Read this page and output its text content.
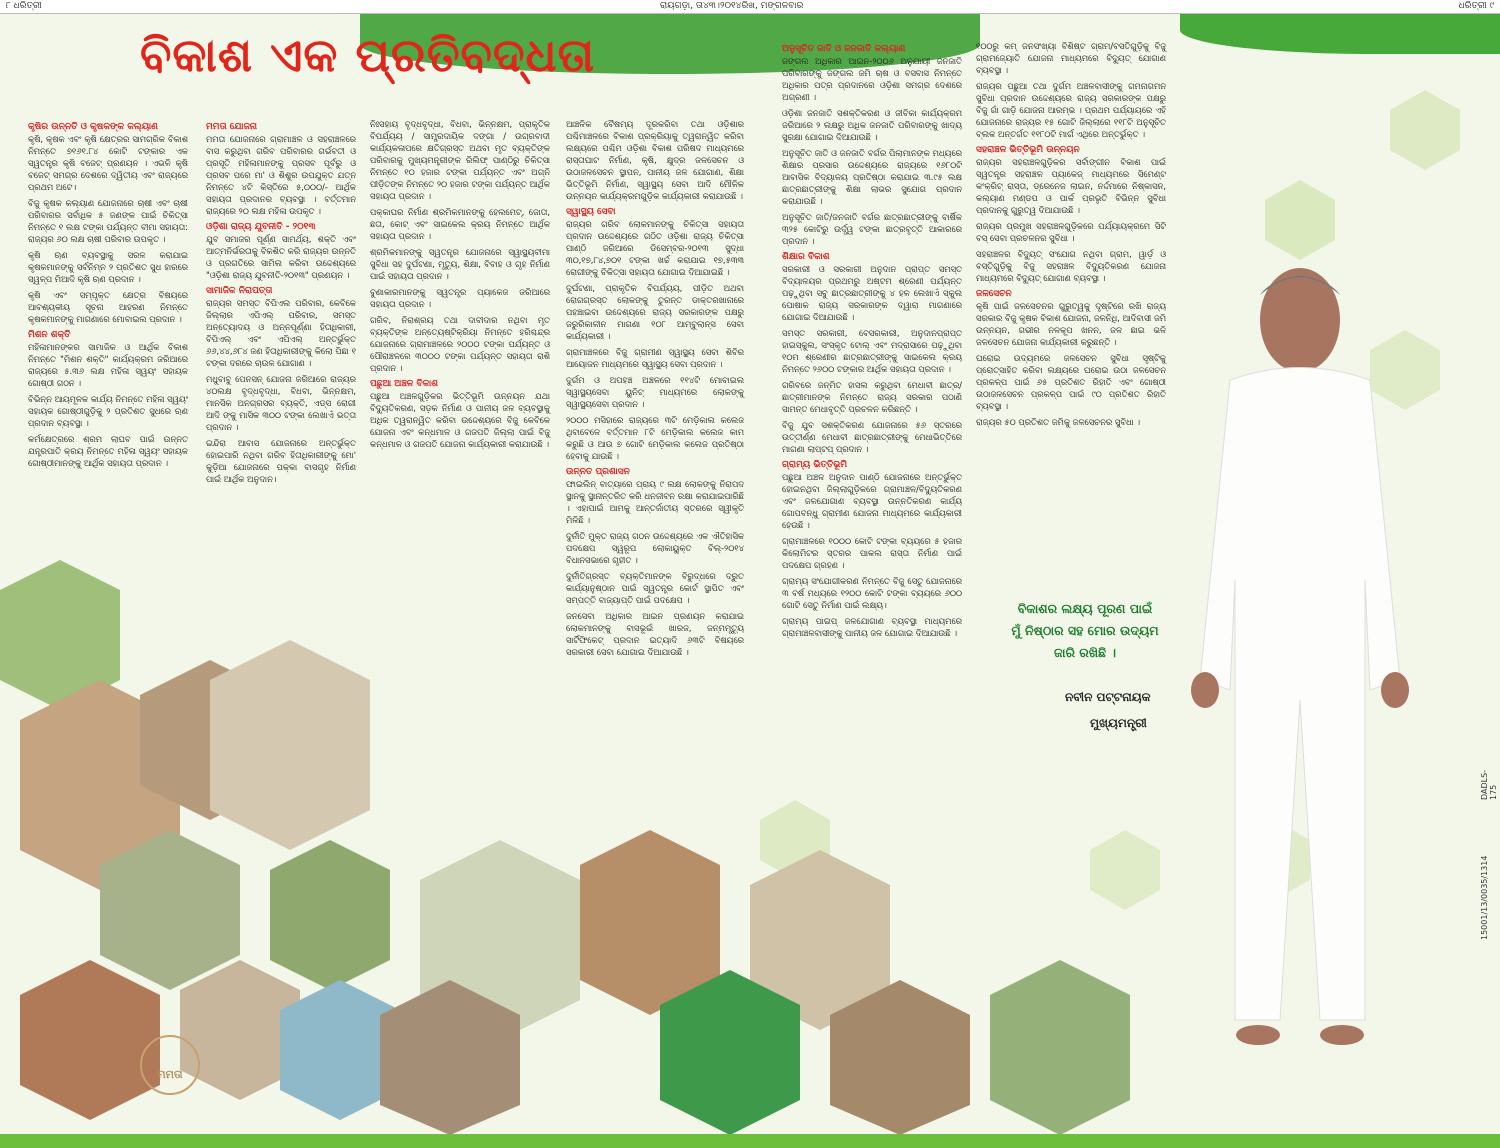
୮ ଧରିତ୍ରୀ	ରାୟଗଡ଼ା, ତା୪୩।୨୦୧୪ରିଖ, ମଙ୍ଗଳବାର	ଧରିତ୍ରୀ ୯
ବିକାଶ ଏକ ପ୍ରତିବଦ୍ଧତା
କୃଷିର ଉନ୍ନତି ଓ କୃଷକଙ୍କ କଲ୍ୟାଣ

କୃଷି, କୃଷକ ଏବଂ କୃଷି କ୍ଷେତ୍ରର ସାମଗ୍ରିକ ବିକାଶ ନିମନ୍ତେ ୭୧୬୧.୮୪ କୋଟି ଟଙ୍କାର ଏକ ସ୍ୱତନ୍ତ୍ର କୃଷି ବଜେଟ୍ ପ୍ରଣୟନ । ଏଭଳି କୃଷି ବଜେଟ୍ ସମଗ୍ର ଦେଶରେ ଦ୍ୱିତୀୟ ଏବଂ ରାଜ୍ୟରେ ପ୍ରଥମ ଅଟେ।

ବିଜୁ କୃଷକ କଲ୍ୟାଣ ଯୋଜନାରେ ଚାଷୀ ଏବଂ ଚାଷୀ ପରିବାରର ସର୍ବାଧିକ ୫ ଜଣଙ୍କ ପାଇଁ ଚିକିତ୍ସା ନିମନ୍ତେ ୧ ଲକ୍ଷ ଟଙ୍କା ପର୍ଯ୍ୟନ୍ତ ବୀମା ସହାୟତା: ରାଜ୍ୟର ୬୦ ଲକ୍ଷ ଚାଷୀ ପରିବାର ଉପକୃତ ।

କୃଷି ଋଣ ବ୍ୟବସ୍ଥାକୁ ସରଳ କରାଯାଇ କୃଷକମାନଙ୍କୁ ସର୍ବନିମ୍ନ ୨ ପ୍ରତିଶତ ସୁଧ ହାରରେ ସ୍ୱଳ୍ପ ମିଆଦି କୃଷି ଋଣ ପ୍ରଦାନ ।

କୃଷି ଏବଂ ସମ୍ପୃକ୍ତ କ୍ଷେତ୍ର ବିଷୟରେ ଆବଶ୍ୟକୀୟ ସୂଚନା ଆହରଣ ନିମନ୍ତେ କୃଷକମାନଙ୍କୁ ମାଗଣାରେ ମୋବାଇଲ ପ୍ରଦାନ ।

ମିଶନ ଶକ୍ତି

ମହିଳାମାନଙ୍କର ସାମାଜିକ ଓ ଆର୍ଥିକ ବିକାଶ ନିମନ୍ତେ "ମିଶନ ଶକ୍ତି" କାର୍ଯ୍ୟକ୍ରମ ଜରିଆରେ ରାଜ୍ୟରେ ୫.୩୬ ଲକ୍ଷ ମହିଳା ସ୍ୱୟଂ ସହାୟକ ଗୋଷ୍ଠୀ ଗଠନ ।

ବିଭିନ୍ନ ଆୟମୂଳକ କାର୍ଯ୍ୟ ନିମନ୍ତେ ମହିଳା ସ୍ୱୟଂ ସହାୟକ ଗୋଷ୍ଠୀଗୁଡ଼ିକୁ ୨ ପ୍ରତିଶତ ସୁଧରେ ଋଣ ପ୍ରଦାନ ବ୍ୟବସ୍ଥା ।

କର୍ମକ୍ଷେତ୍ରରେ ଶ୍ରମ ଲାଘବ ପାଇଁ ଉନ୍ନତ ଯନ୍ତ୍ରପାତି କ୍ରୟ ନିମନ୍ତେ ମହିଳା ସ୍ୱୟଂ ସହାୟକ ଗୋଷ୍ଠୀମାନଙ୍କୁ ଆର୍ଥିକ ସହାୟତା ପ୍ରଦାନ ।

ମମତା ଯୋଜନା

ମମତା ଯୋଜନାରେ ଗ୍ରାମାଞ୍ଚଳ ଓ ସହରାଞ୍ଚଳରେ ବାସ କରୁଥିବା ଗରିବ ପରିବାରର ଗର୍ଭବତୀ ଓ ପ୍ରସୂତି ମହିଳାମାନଙ୍କୁ ପ୍ରସବ ପୂର୍ବରୁ ଓ ପ୍ରସବ ପରେ ମା' ଓ ଶିଶୁର ଉପଯୁକ୍ତ ଯତ୍ନ ନିମନ୍ତେ ୪ଟି କିସ୍ତିରେ ୫,୦୦୦/- ଆର୍ଥିକ ସହାୟତା ପ୍ରଦାନର ବ୍ୟବସ୍ଥା । ବର୍ତ୍ତମାନ ରାଜ୍ୟରେ ୨୦ ଲକ୍ଷ ମହିଳା ଉପକୃତ ।

ଓଡ଼ିଶା ରାଜ୍ୟ ଯୁବନୀତି - ୨୦୧୩

ଯୁବ ସମାଜର ପୂର୍ଣ୍ଣ ସାମର୍ଥ୍ୟ, ଶକ୍ତି ଏବଂ ଆତ୍ମନିର୍ଭରତାକୁ ବିକଶିତ କରି ରାଜ୍ୟର ଉନ୍ନତି ଓ ପ୍ରଗତିରେ ସାମିଲ କରିବା ଉଦ୍ଦେଶ୍ୟରେ "ଓଡ଼ିଶା ରାଜ୍ୟ ଯୁବନୀତି-୨୦୧୩" ପ୍ରଣୟନ ।

ସାମାଜିକ ନିରାପତ୍ତା

ରାଜ୍ୟର ସମସ୍ତ ବିପିଏଲ ପରିବାର, କେବିକେ ଜିଲ୍ଲାର ଏପିଏଲ୍ ପରିବାର, ସମସ୍ତ ଅନ୍ତ୍ୟୋଦୟ ଓ ଅନ୍ନପୂର୍ଣ୍ଣା ହିତାଧିକାରୀ, ବିପିଏଲ୍ ଏବଂ ଏପିଏଲ୍ ଅନ୍ତର୍ଭୁକ୍ତ ୬୬,୪୪,୬୮୪ ଜଣ ହିତାଧିକାରୀଙ୍କୁ କିଲୋ ପିଛା ୧ ଟଙ୍କା ଦରରେ ଚାଉଳ ଯୋଗାଣ ।

ମଧୁବାବୁ ପେନସନ୍ ଯୋଜନା ଜରିଆରେ ରାଜ୍ୟର ୪୦ଲକ୍ଷ ବୃଦ୍ଧବୃଦ୍ଧା, ବିଧବା, ଭିନ୍ନକ୍ଷମ, ମାନସିକ ଅନଗ୍ରସର ବ୍ୟକ୍ତି, ଏଡ୍ସ ରୋଗୀ ଆଦି ଙ୍କୁ ମାସିକ ୩୦୦ ଟଙ୍କା ଲେଖାଏଁ ଭତ୍ତା ପ୍ରଦାନ ।

ଇନ୍ଦିରା ଆବାସ ଯୋଜନାରେ ଅନ୍ତର୍ଭୁକ୍ତ ହୋଇପାରି ନଥିବା ଗରିବ ହିତାଧିକାରୀଙ୍କୁ ମୋ' କୁଡ଼ିଆ ଯୋଜନାରେ ପକ୍କା ବାସଗୃହ ନିର୍ମାଣ ପାଇଁ ଆର୍ଥିକ ଅନୁଦାନ।

ନିଃସହାୟ ବୃଦ୍ଧବୃଦ୍ଧା, ବିଧବା, ଭିନ୍ନକ୍ଷମ, ପ୍ରାକୃତିକ ବିପର୍ଯ୍ୟୟ / ସାମ୍ପ୍ରଦାୟିକ ଦଙ୍ଗା / ଉଗ୍ରବାଦୀ କାର୍ଯ୍ୟକଳାପରେ କ୍ଷତିଗ୍ରସ୍ତ ଅଥବା ମୃତ ବ୍ୟକ୍ତିଙ୍କ ପରିବାରକୁ ମୁଖ୍ୟମନ୍ତ୍ରୀଙ୍କ ରିଲିଫ୍ ପାଣ୍ଠିରୁ ଚିକିତ୍ସା ନିମନ୍ତେ ୧୦ ହଜାର ଟଙ୍କା ପର୍ଯ୍ୟନ୍ତ ଏବଂ ଅଗ୍ନି ପୀଡ଼ିତଙ୍କ ନିମନ୍ତେ ୨୦ ହଜାର ଟଙ୍କା ପର୍ଯ୍ୟନ୍ତ ଆର୍ଥିକ ସହାୟତା ପ୍ରଦାନ ।

ପକ୍କାଘର ନିର୍ମାଣ ଶ୍ରମିକମାନଙ୍କୁ ହେଲମେଟ୍, ଜୋତା, ଛତା, କୋଟ୍ ଏବଂ ସାଇକେଲ କ୍ରୟ ନିମନ୍ତେ ଆର୍ଥିକ ସହାୟତା ପ୍ରଦାନ ।

ଶ୍ରମିକମାନଙ୍କୁ ସ୍ୱତନ୍ତ୍ର ଯୋଜନାରେ ସ୍ୱାସ୍ଥ୍ୟବୀମା ସୁବିଧା ସହ ଦୁର୍ଘଟଣା, ମୃତ୍ୟୁ, ଶିକ୍ଷା, ବିବାହ ଓ ଗୃହ ନିର୍ମାଣ ପାଇଁ ସହାୟତା ପ୍ରଦାନ ।

ବୁଣାକାରମାନଙ୍କୁ ସ୍ୱତନ୍ତ୍ର ପ୍ୟାକେଜ ଜରିଆରେ ସହାୟତା ପ୍ରଦାନ ।

ଗରିବ, ନିରାଶ୍ରୟ ତଥା ଦାବୀଦାର ନଥିବା ମୃତ ବ୍ୟକ୍ତିଙ୍କ ଅନ୍ତ୍ୟେଷ୍ଟିକ୍ରିୟା ନିମନ୍ତେ ହରିଶ୍ଚନ୍ଦ୍ର ଯୋଜନାରେ ଗ୍ରାମାଞ୍ଚଳରେ ୨୦୦୦ ଟଙ୍କା ପର୍ଯ୍ୟନ୍ତ ଓ ପୌରାଞ୍ଚଳରେ ୩୦୦୦ ଟଙ୍କା ପର୍ଯ୍ୟନ୍ତ ସହାୟତା ରାଶି ପ୍ରଦାନ ।

ପଛୁଆ ଅଞ୍ଚଳ ବିକାଶ

ପଛୁଆ ଅଞ୍ଚଳଗୁଡ଼ିକର ଭିତ୍ତିଭୂମି ଉନ୍ନୟନ ଯଥା ବିଦ୍ୟୁତିକରଣ, ସଡ଼କ ନିର୍ମାଣ ଓ ପାନୀୟ ଜଳ ବ୍ୟବସ୍ଥାକୁ ଅଧିକ ତ୍ୱରାନ୍ୱିତ କରିବା ଉଦ୍ଦେଶ୍ୟରେ ବିଜୁ କେବିକେ ଯୋଜନା ଏବଂ କନ୍ଧମାଳ ଓ ଗଜପତି ଜିଲ୍ଲା ପାଇଁ ବିଜୁ କନ୍ଧମାଳ ଓ ଗଜପତି ଯୋଜନା କାର୍ଯ୍ୟକାରୀ କରାଯାଉଛି ।

ଆଞ୍ଚଳିକ ବୈଷମ୍ୟ ଦୂରକରିବା ତଥା ଓଡ଼ିଶାର ପଶ୍ଚିମାଞ୍ଚଳରେ ବିକାଶ ପ୍ରକ୍ରିୟାକୁ ତ୍ୱରାନ୍ୱିତ କରିବା ଲକ୍ଷ୍ୟରେ ପଶ୍ଚିମ ଓଡ଼ିଶା ବିକାଶ ପରିଷଦ ମାଧ୍ୟମରେ ରାସ୍ତାଘାଟ ନିର୍ମାଣ, କୃଷି, କ୍ଷୁଦ୍ର ଜଳସେଚନ ଓ ଉଠାଜଳସେଚନ ସ୍ଥାପନ, ପାନୀୟ ଜଳ ଯୋଗାଣ, ଶିକ୍ଷା ଭିତ୍ତିଭୂମି ନିର୍ମାଣ, ସ୍ୱାସ୍ଥ୍ୟ ସେବା ଆଦି ମୌଳିକ ଉନ୍ନୟନ କାର୍ଯ୍ୟକ୍ରମଗୁଡ଼ିକ କାର୍ଯ୍ୟକାରୀ କରାଯାଉଛି ।

ସ୍ୱାସ୍ଥ୍ୟ ସେବା

ରାଜ୍ୟର ଗରିବ ଲୋକମାନଙ୍କୁ ଚିକିତ୍ସା ସହାୟତା ପ୍ରଦାନ ଉଦ୍ଦେଶ୍ୟରେ ଗଠିତ ଓଡ଼ିଶା ରାଜ୍ୟ ଚିକିତ୍ସା ପାଣ୍ଠି ଜରିଆରେ ଡିସେମ୍ବର-୨୦୧୩ ସୁଦ୍ଧା ୩୦,୧୭,୮୪,୭୦୧ ଟଙ୍କା ଖର୍ଚ୍ଚ କରାଯାଇ ୧୭,୫୩୩ ରୋଗୀଙ୍କୁ ଚିକିତ୍ସା ସହାୟତା ଯୋଗାଇ ଦିଆଯାଇଛି ।

ଦୁର୍ଘଟଣା, ପ୍ରାକୃତିକ ବିପର୍ଯ୍ୟୟ, ପୀଡ଼ିତ ଅଥବା ରୋଗଗ୍ରସ୍ତ ଲୋକଙ୍କୁ ତୁରନ୍ତ ଡାକ୍ତରଖାନାରେ ପହଞ୍ଚାଇବା ଉଦ୍ଦେଶ୍ୟରେ ରାଜ୍ୟ ସରକାରଙ୍କ ପକ୍ଷରୁ ଜରୁରିକାଳୀନ ମାଗଣା ୧୦୮ ଆମ୍ବୁଲାନ୍ସ ସେବା କାର୍ଯ୍ୟକାରୀ ।

ଗ୍ରାମାଞ୍ଚଳରେ ବିଜୁ ଗ୍ରାମୀଣ ସ୍ୱାସ୍ଥ୍ୟ ସେବା ଶିବିର ଆୟୋଜନ ମାଧ୍ୟମରେ ସ୍ୱାସ୍ଥ୍ୟ ସେବା ପ୍ରଦାନ ।

ଦୁର୍ଗମ ଓ ଅପହଞ୍ଚ ଅଞ୍ଚଳରେ ୧୧୪ଟି ମୋବାଇଲ ସ୍ୱାସ୍ଥ୍ୟସେବା ୟୁନିଟ୍ ମାଧ୍ୟମରେ ଲୋକଙ୍କୁ ସ୍ୱାସ୍ଥ୍ୟସେବା ପ୍ରଦାନ ।

୨୦୦୦ ମସିହାରେ ରାଜ୍ୟରେ ୩ଟି ମେଡ଼ିକାଲ କଲେଜ ଥିବାବେଳେ ବର୍ତ୍ତମାନ ୮ଟି ମେଡ଼ିକାଲ କଲେଜ କାମ କରୁଛି ଓ ଆଉ ୭ ଗୋଟି ମେଡ଼ିକାଲ କଲେଜ ପ୍ରତିଷ୍ଠା ହେବାକୁ ଯାଉଛି ।

ଉନ୍ନତ ପ୍ରଶାସନ

ଫାଇଲିନ୍ ବାତ୍ୟାରେ ପ୍ରାୟ ୯ ଲକ୍ଷ ଲୋକଙ୍କୁ ନିରାପଦ ସ୍ଥାନକୁ ସ୍ଥାନାନ୍ତରିତ କରି ଧନଜୀବନ ରକ୍ଷା କରାଯାଇପାରିଛି । ଏହାପାଇଁ ଆମକୁ ଆନ୍ତର୍ଜାତୀୟ ସ୍ତରରେ ସ୍ୱୀକୃତି ମିଳିଛି ।

ଦୁର୍ନୀତି ମୁକ୍ତ ରାଜ୍ୟ ଗଠନ ଉଦ୍ଦେଶ୍ୟରେ ଏକ ଐତିହାସିକ ପଦକ୍ଷେପ ସ୍ୱରୂପ ଲୋକାୟୁକ୍ତ ବିଲ୍-୨୦୧୪ ବିଧାନସଭାରେ ଗୃହୀତ ।

ଦୁର୍ନୀତିଗ୍ରସ୍ତ ବ୍ୟକ୍ତିମାନଙ୍କ ବିରୁଦ୍ଧରେ ଦ୍ରୁତ କାର୍ଯ୍ୟାନୁଷ୍ଠାନ ପାଇଁ ସ୍ୱତନ୍ତ୍ର କୋର୍ଟ ସ୍ଥାପିତ ଏବଂ ସମ୍ପତ୍ତି ବାଜ୍ୟାପ୍ତି ପାଇଁ ପଦକ୍ଷେପ ।

ଜନସେବା ଅଧିକାର ଆଇନ ପ୍ରଣୟନ କରାଯାଇ ଲୋକମାନଙ୍କୁ ବାସଭୂଇଁ ଖାରଜ, ଜନ୍ମମୃତ୍ୟୁ ସାର୍ଟିଫିକେଟ୍ ପ୍ରଦାନ ଇତ୍ୟାଦି ୬୩ଟି ବିଷୟରେ ସରକାରୀ ସେବା ଯୋଗାଇ ଦିଆଯାଉଛି ।

ଅନୁସୂଚିତ ଜାତି ଓ ଜନଜାତି କଲ୍ୟାଣ

ଜଙ୍ଗଲ ଅଧିକାର ଆଇନ-୨୦୦୬ ଅନୁଯାୟୀ ଜନଜାତି ପରିବାରଙ୍କୁ ଜଙ୍ଗଲ ଜମି ଚାଷ ଓ ବସବାସ ନିମନ୍ତେ ଅଧିକାର ପତ୍ର ପ୍ରଦାନରେ ଓଡ଼ିଶା ସମଗ୍ର ଦେଶରେ ଅଗ୍ରଣୀ ।

ଓଡ଼ିଶା ଜନଜାତି ସଶକ୍ତିକରଣ ଓ ଜୀବିକା କାର୍ଯ୍ୟକ୍ରମ ଜରିଆରେ ୨ ଲକ୍ଷରୁ ଅଧିକ ଜନଜାତି ପରିବାରଙ୍କୁ ଖାଦ୍ୟ ସୁରକ୍ଷା ଯୋଗାଇ ଦିଆଯାଉଛି ।

ଅନୁସୂଚିତ ଜାତି ଓ ଜନଜାତି ବର୍ଗର ପିଲାମାନଙ୍କ ମଧ୍ୟରେ ଶିକ୍ଷାର ପ୍ରସାର ଉଦ୍ଦେଶ୍ୟରେ ରାଜ୍ୟରେ ୧୬୮୦ଟି ଆବାସିକ ବିଦ୍ୟାଳୟ ପ୍ରତିଷ୍ଠା କରାଯାଇ ୩.୯୫ ଲକ୍ଷ ଛାତ୍ରଛାତ୍ରୀଙ୍କୁ ଶିକ୍ଷା ଲାଭର ସୁଯୋଗ ପ୍ରଦାନ କରାଯାଉଛି ।

ଅନୁସୂଚିତ ଜାତି/ଜନଜାତି ବର୍ଗର ଛାତ୍ରଛାତ୍ରୀଙ୍କୁ ବାର୍ଷିକ ୩୨୫ କୋଟିରୁ ଉର୍ଦ୍ଧ୍ୱ ଟଙ୍କା ଛାତ୍ରବୃତ୍ତି ଆକାରରେ ପ୍ରଦାନ ।

ଶିକ୍ଷାର ବିକାଶ

ସରକାରୀ ଓ ସରକାରୀ ଅନୁଦାନ ପ୍ରାପ୍ତ ସମସ୍ତ ବିଦ୍ୟାଳୟର ପ୍ରଥମରୁ ଅଷ୍ଟମ ଶ୍ରେଣୀ ପର୍ଯ୍ୟନ୍ତ ପଢ଼ୁଥିବା ସବୁ ଛାତ୍ରଛାତ୍ରୀଙ୍କୁ ୪ ହଳ ଲେଖାଏଁ ସ୍କୁଲ ପୋଷାକ ରାଜ୍ୟ ସରକାରଙ୍କ ଦ୍ୱାରା ମାଗଣାରେ ଯୋଗାଇ ଦିଆଯାଉଛି ।

ସମସ୍ତ ସରକାରୀ, ବେସରକାରୀ, ଅନୁଦାନପ୍ରାପ୍ତ ହାଇସ୍କୁଲ, ସଂସ୍କୃତ ଟୋଲ୍ ଏବଂ ମଦ୍ରାସାରେ ପଢ଼ୁଥିବା ୧୦ମ ଶ୍ରେଣୀର ଛାତ୍ରଛାତ୍ରୀଙ୍କୁ ସାଇକେଲ କ୍ରୟ ନିମନ୍ତେ ୨୬୦୦ ଟଙ୍କାର ଆର୍ଥିକ ସହାୟତା ପ୍ରଦାନ ।

ଗରିବରେ ଜନ୍ମିତ ହାସଲ କରୁଥିବା ମେଧାବୀ ଛାତ୍ର/ଛାତ୍ରୀମାନଙ୍କ ନିମନ୍ତେ ରାଜ୍ୟ ସରକାର ପଠାଣି ସାମନ୍ତ ମେଧାବୃତ୍ତି ପ୍ରଚଳନ କରିଛନ୍ତି ।

ବିଜୁ ଯୁବ ସଶକ୍ତିକରଣ ଯୋଜନାରେ ୫୬ ସ୍ତରରେ ଉତ୍ତୀର୍ଣ୍ଣ ମେଧାବୀ ଛାତ୍ରଛାତ୍ରୀଙ୍କୁ ମେଧାଭିତ୍ତିରେ ମାଗଣା ଲାପ୍‌ଟପ୍ ପ୍ରଦାନ ।

ଗ୍ରାମ୍ୟ ଭିତ୍ତିଭୂମି

ପଛୁଆ ଅଞ୍ଚଳ ଅନୁଦାନ ପାଣ୍ଠି ଯୋଜନାରେ ଅନ୍ତର୍ଭୁକ୍ତ ହୋଇନଥିବା ଜିଲ୍ଲାଗୁଡ଼ିକରେ ଗ୍ରାମାଞ୍ଚଳ/ବିଦ୍ୟୁତିକରଣ ଏବଂ ଜଳଯୋଗାଣ ବ୍ୟବସ୍ଥା ଉନ୍ନତିକରଣ କାର୍ଯ୍ୟ ଗୋପବନ୍ଧୁ ଗ୍ରାମୀଣ ଯୋଜନା ମାଧ୍ୟମରେ କାର୍ଯ୍ୟକାରୀ ହେଉଛି ।

ଗ୍ରାମାଞ୍ଚଳରେ ୧୦୦୦ କୋଟି ଟଙ୍କା ବ୍ୟୟରେ ୫ ହଜାର କିଲୋମିଟର ସ୍ତରର ପାକଲ ରାସ୍ତା ନିର୍ମାଣ ପାଇଁ ପଦକ୍ଷେପ ଗ୍ରହଣ ।

ଗ୍ରାମ୍ୟ ସଂଯୋଗୀକରଣ ନିମନ୍ତେ ବିଜୁ ସେତୁ ଯୋଜନାରେ ୩ ବର୍ଷ ମଧ୍ୟରେ ୧୨୦୦ କୋଟି ଟଙ୍କା ବ୍ୟୟରେ ୬୦୦ ଗୋଟି ସେତୁ ନିର୍ମାଣ ପାଇଁ ଲକ୍ଷ୍ୟ।

ଗ୍ରାମ୍ୟ ପାଇପ୍ ଜଳଯୋଗାଣ ବ୍ୟବସ୍ଥା ମାଧ୍ୟମରେ ଗ୍ରାମାଞ୍ଚଳବାସୀଙ୍କୁ ପାନୀୟ ଜଳ ଯୋଗାଇ ଦିଆଯାଉଛି ।

୧୦୦ରୁ କମ୍ ଜନସଂଖ୍ୟା ବିଶିଷ୍ଟ ଗ୍ରାମ/ବସତିଗୁଡ଼ିକୁ ବିଜୁ ଗ୍ରାମଜ୍ୟୋତି ଯୋଜନା ମାଧ୍ୟମରେ ବିଦ୍ୟୁତ୍ ଯୋଗାଣ ବ୍ୟବସ୍ଥା ।

ରାଜ୍ୟର ପଛୁଆ ତଥା ଦୁର୍ଗମ ଅଞ୍ଚଳବାସୀଙ୍କୁ ଗମନାଗମନ ସୁବିଧା ପ୍ରଦାନ ଉଦ୍ଦେଶ୍ୟରେ ରାଜ୍ୟ ସରକାରଙ୍କ ପକ୍ଷରୁ ବିଜୁ ଗାଁ ଗାଡ଼ି ଯୋଜନା ଆରମ୍ଭ । ପ୍ରଥମ ପର୍ଯ୍ୟାୟରେ ଏହି ଯୋଜନାରେ ରାଜ୍ୟର ୧୫ ଗୋଟି ଜିଲ୍ଲାରେ ୧୧୮ଟି ଅନୁସୂଚିତ ବ୍ଲକ ଅନ୍ତର୍ଗତ ୧୧୮୦ଟି ମାର୍ଗ ଏଥିରେ ଅନ୍ତର୍ଭୁକ୍ତ ।

ସହରାଞ୍ଚଳ ଭିତ୍ତିଭୂମି ଉନ୍ନୟନ

ରାଜ୍ୟର ସହରାଞ୍ଚଳଗୁଡ଼ିକର ସର୍ବାଙ୍ଗୀନ ବିକାଶ ପାଇଁ ସ୍ୱତନ୍ତ୍ର ସହରାଞ୍ଚଳ ପ୍ୟାକେଜ୍ ମାଧ୍ୟମରେ ସିମେଣ୍ଟ କଂକ୍ରିଟ୍ ରାସ୍ତା, ଡ୍ରେନେଜ ଲାଇନ, ନର୍ଦ୍ଦମାରେ ନିଷ୍କାସନ, କଲ୍ୟାଣ ମଣ୍ଡପ ଓ ପାର୍କ ପ୍ରଭୃତି ବିଭିନ୍ନ ସୁବିଧା ପ୍ରଦାନକୁ ଗୁରୁତ୍ୱ ଦିଆଯାଉଛି ।

ରାଜ୍ୟର ପ୍ରମୁଖ ସହରାଞ୍ଚଳଗୁଡ଼ିକରେ ପର୍ଯ୍ୟାୟକ୍ରମେ ସିଟି ବସ୍ ସେବା ପ୍ରଚଳନର ସୁବିଧା ।

ସହରାଞ୍ଚଳର ବିଦ୍ୟୁତ୍ ସଂଯୋଗ ନଥିବା ଗ୍ରାମ, ୱାର୍ଡ଼ ଓ ବସ୍ତିଗୁଡ଼ିକୁ ବିଜୁ ସହରାଞ୍ଚଳ ବିଦ୍ୟୁତିକରଣ ଯୋଜନା ମାଧ୍ୟମରେ ବିଦ୍ୟୁତ୍ ଯୋଗାଣ ବ୍ୟବସ୍ଥା ।

ଜଳସେଚନ

କୃଷି ପାଇଁ ଜଳସେଚନର ଗୁରୁତ୍ୱକୁ ଦୃଷ୍ଟିରେ ରଖି ରାଜ୍ୟ ସରକାର ବିଜୁ କୃଷକ ବିକାଶ ଯୋଜନା, ଜଳନିଧି, ଆଦିବାସୀ ଜମି ଉନ୍ନୟନ, ଗଭୀର ନଳକୂପ ଖନନ, ଜଳ ଛାଇ ଭଳି ଜଳସେଚନ ଯୋଜନା କାର୍ଯ୍ୟକାରୀ କରୁଛନ୍ତି ।

ଘରୋଇ ଉଦ୍ୟମରେ ଜଳସେଚନ ସୁବିଧା ସୃଷ୍ଟିକୁ ପ୍ରୋତ୍ସାହିତ କରିବା ଲକ୍ଷ୍ୟରେ ଘରୋଇ ଉଠା ଜଳସେଚନ ପ୍ରକଳ୍ପ ପାଇଁ ୬୫ ପ୍ରତିଶତ ରିହାତି ଏବଂ ଗୋଷ୍ଠୀ ଉଠାଜଳସେଚନ ପ୍ରକଳ୍ପ ପାଇଁ ୯୦ ପ୍ରତିଶତ ରିହାତି ବ୍ୟବସ୍ଥା ।

ରାଜ୍ୟର ୫୦ ପ୍ରତିଶତ ଜମିକୁ ଜଳସେଚନର ସୁବିଧା ।

ମମତା
ବିକାଶର ଲକ୍ଷ୍ୟ ପୂରଣ ପାଇଁ
ମୁଁ ନିଷ୍ଠାର ସହ ମୋର ଉଦ୍ୟମ
ଜାରି ରଖିଛି ।
ନବୀନ ପଟ୍ଟନାୟକ
ମୁଖ୍ୟମନ୍ତ୍ରୀ
DADLS-175
15001/13/0035/1314
